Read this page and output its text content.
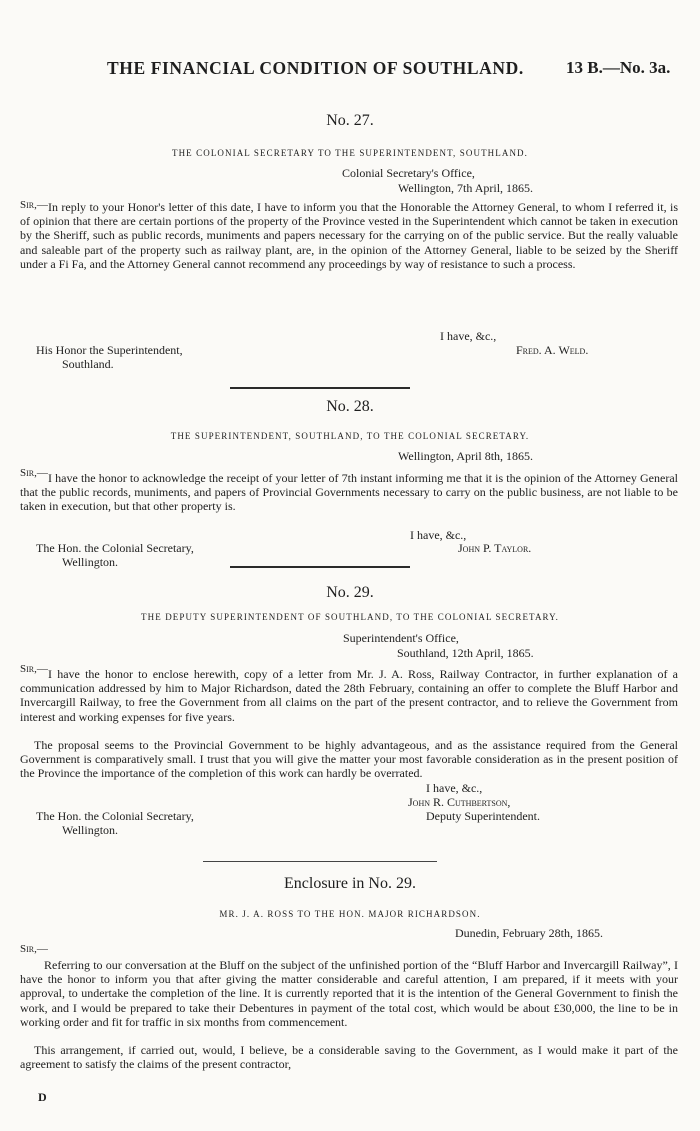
THE FINANCIAL CONDITION OF SOUTHLAND. 13 B.—No. 3a.
No. 27.
THE COLONIAL SECRETARY TO THE SUPERINTENDENT, SOUTHLAND.
Colonial Secretary's Office,
Wellington, 7th April, 1865.
Sir,— In reply to your Honor's letter of this date, I have to inform you that the Honorable the Attorney General, to whom I referred it, is of opinion that there are certain portions of the property of the Province vested in the Superintendent which cannot be taken in execution by the Sheriff, such as public records, muniments and papers necessary for the carrying on of the public service. But the really valuable and saleable part of the property such as railway plant, are, in the opinion of the Attorney General, liable to be seized by the Sheriff under a Fi Fa, and the Attorney General cannot recommend any proceedings by way of resistance to such a process.

I have, &c.,
His Honor the Superintendent,	Fred. A. Weld.
Southland.
No. 28.
THE SUPERINTENDENT, SOUTHLAND, TO THE COLONIAL SECRETARY.
Wellington, April 8th, 1865.
Sir,— I have the honor to acknowledge the receipt of your letter of 7th instant informing me that it is the opinion of the Attorney General that the public records, muniments, and papers of Provincial Governments necessary to carry on the public business, are not liable to be taken in execution, but that other property is.

I have, &c.,
The Hon. the Colonial Secretary,	John P. Taylor.
Wellington.
No. 29.
THE DEPUTY SUPERINTENDENT OF SOUTHLAND, TO THE COLONIAL SECRETARY.
Superintendent's Office,
Southland, 12th April, 1865.
Sir,— I have the honor to enclose herewith, copy of a letter from Mr. J. A. Ross, Railway Contractor, in further explanation of a communication addressed by him to Major Richardson, dated the 28th February, containing an offer to complete the Bluff Harbor and Invercargill Railway, to free the Government from all claims on the part of the present contractor, and to relieve the Government from interest and working expenses for five years.

The proposal seems to the Provincial Government to be highly advantageous, and as the assistance required from the General Government is comparatively small. I trust that you will give the matter your most favorable consideration as in the present position of the Province the importance of the completion of this work can hardly be overrated.

I have, &c.,
John R. Cuthbertson,
The Hon. the Colonial Secretary,	Deputy Superintendent.
Wellington.
Enclosure in No. 29.
MR. J. A. ROSS TO THE HON. MAJOR RICHARDSON.
Dunedin, February 28th, 1865.
Sir,—

Referring to our conversation at the Bluff on the subject of the unfinished portion of the “Bluff Harbor and Invercargill Railway”, I have the honor to inform you that after giving the matter considerable and careful attention, I am prepared, if it meets with your approval, to undertake the completion of the line. It is currently reported that it is the intention of the General Government to finish the work, and I would be prepared to take their Debentures in payment of the total cost, which would be about £30,000, the line to be in working order and fit for traffic in six months from commencement.

This arrangement, if carried out, would, I believe, be a considerable saving to the Government, as I would make it part of the agreement to satisfy the claims of the present contractor,

D
